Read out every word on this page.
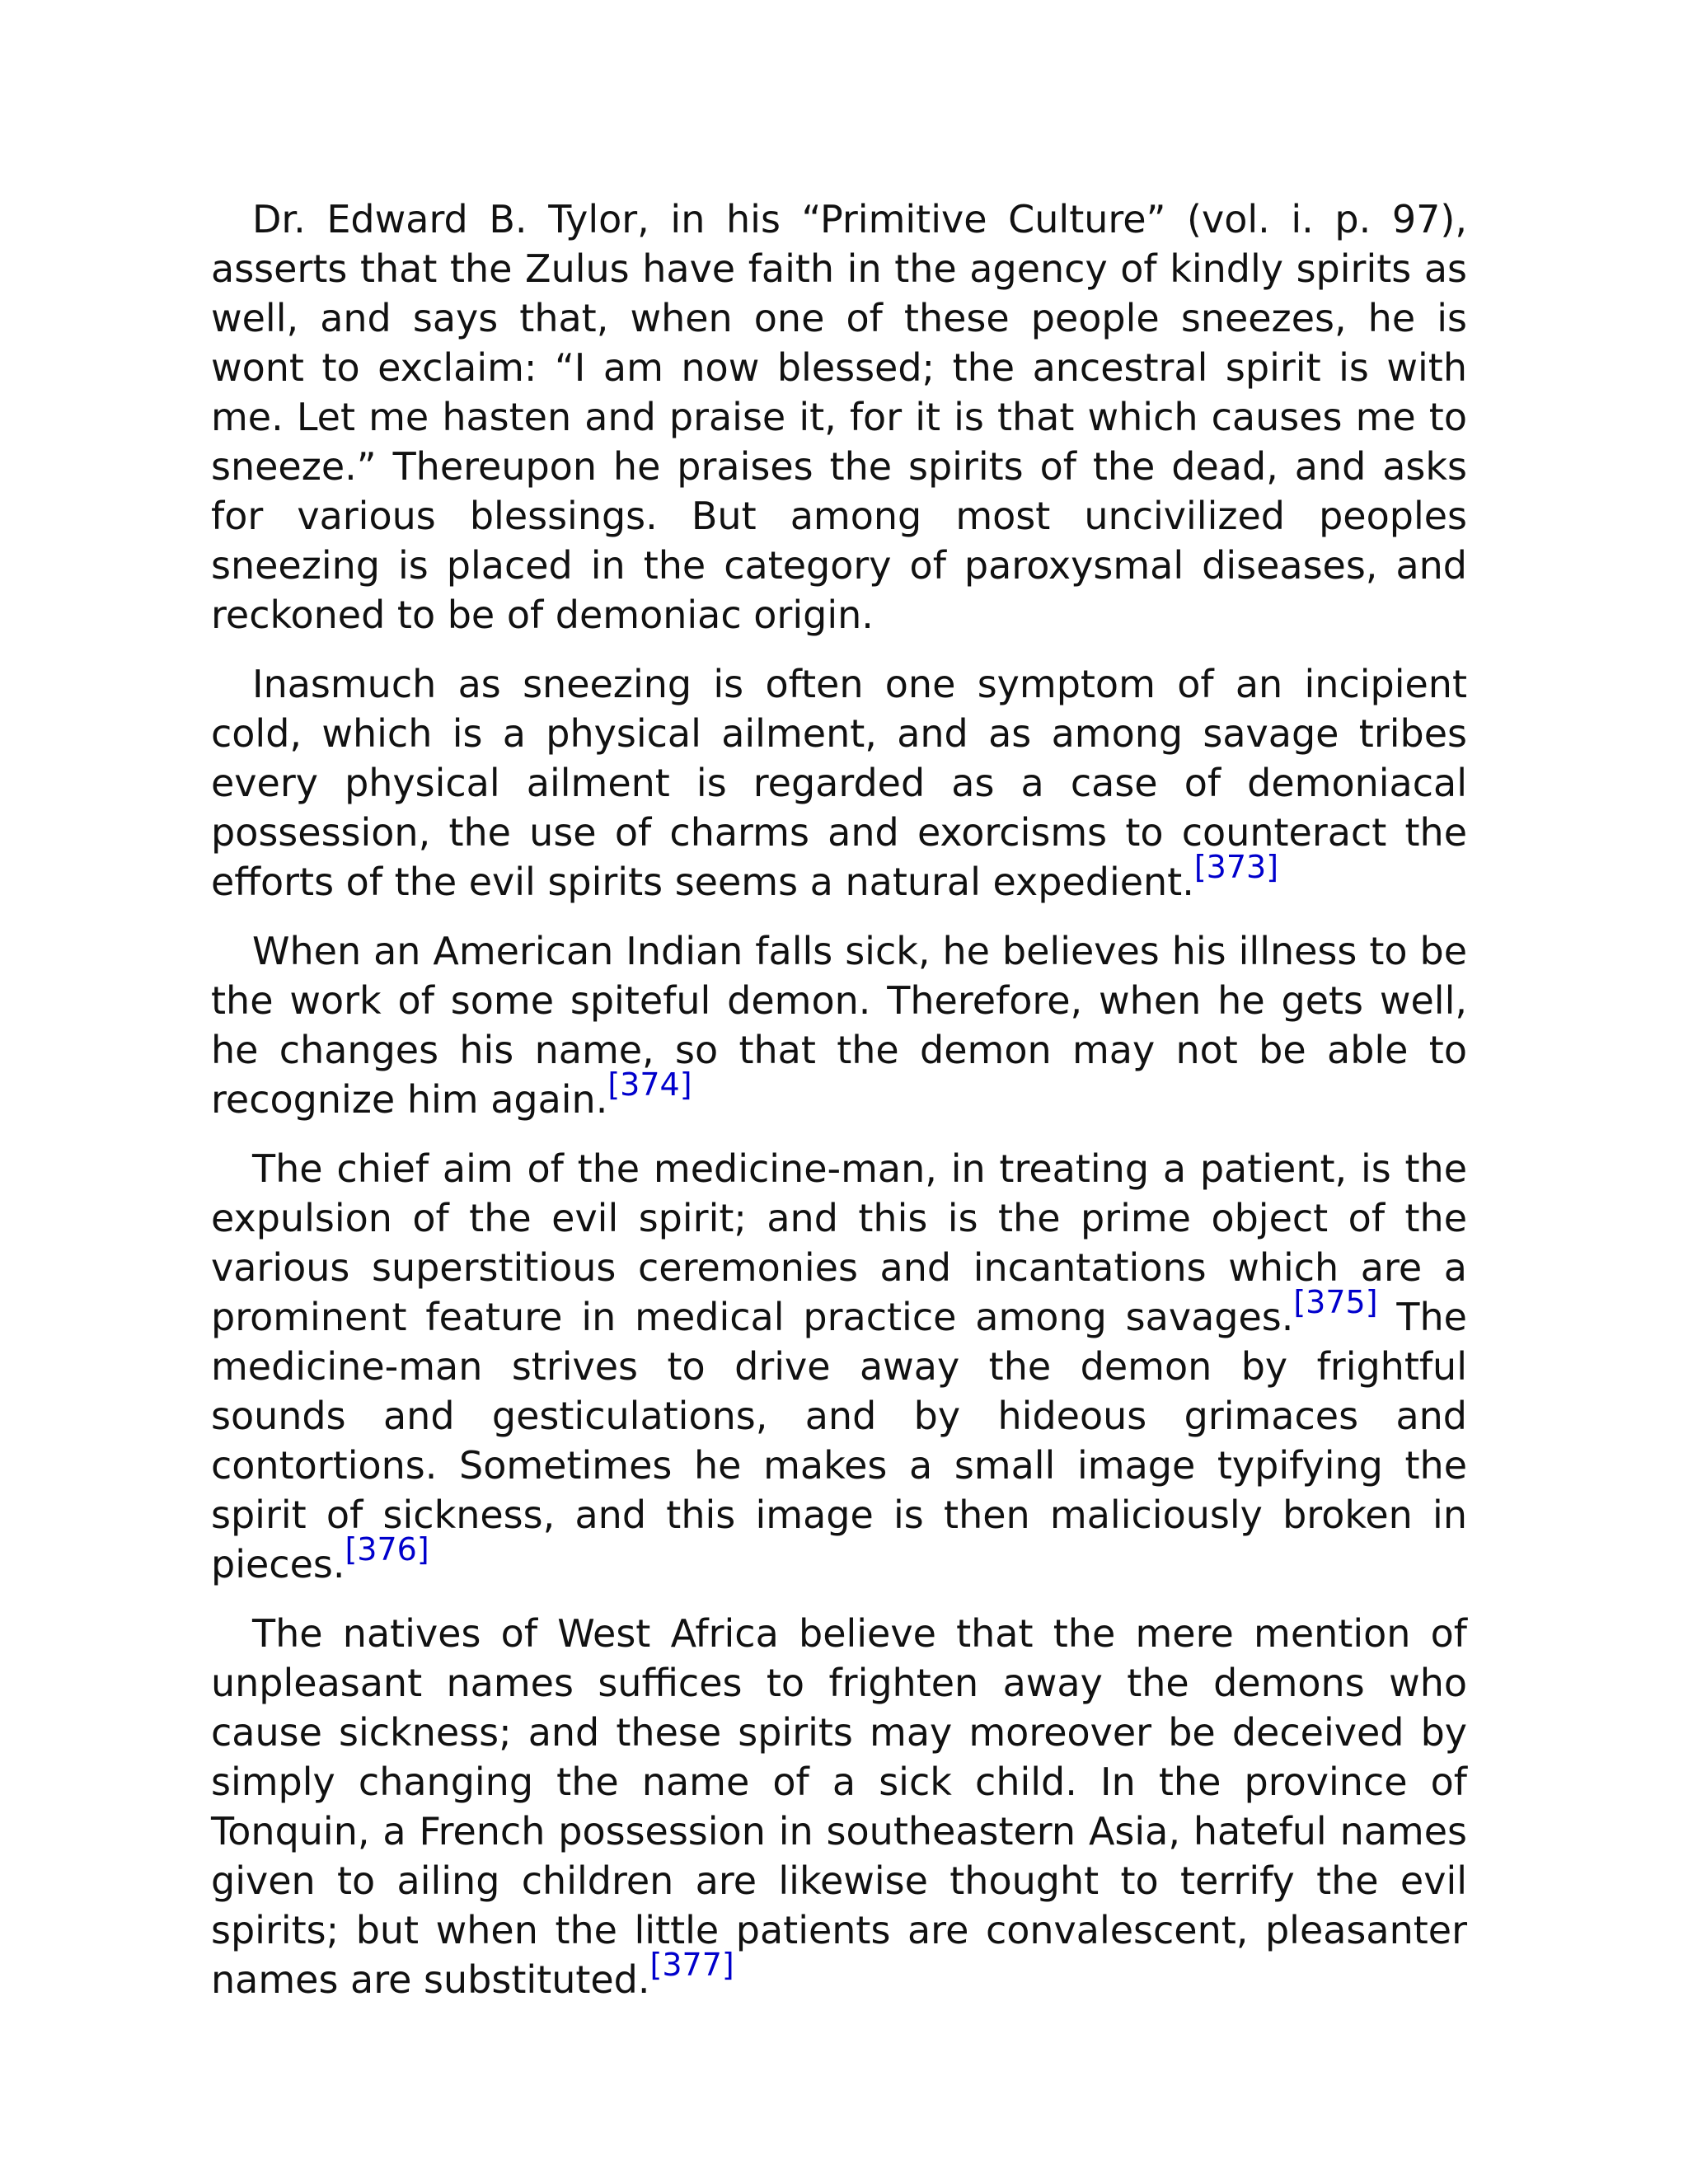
Dr. Edward B. Tylor, in his “Primitive Culture” (vol. i. p. 97), asserts that the Zulus have faith in the agency of kindly spirits as well, and says that, when one of these people sneezes, he is wont to exclaim: “I am now blessed; the ancestral spirit is with me. Let me hasten and praise it, for it is that which causes me to sneeze.” Thereupon he praises the spirits of the dead, and asks for various blessings. But among most uncivilized peoples sneezing is placed in the category of paroxysmal diseases, and reckoned to be of demoniac origin.

Inasmuch as sneezing is often one symptom of an incipient cold, which is a physical ailment, and as among savage tribes every physical ailment is regarded as a case of demoniacal possession, the use of charms and exorcisms to counteract the efforts of the evil spirits seems a natural expedient.[373]

When an American Indian falls sick, he believes his illness to be the work of some spiteful demon. Therefore, when he gets well, he changes his name, so that the demon may not be able to recognize him again.[374]

The chief aim of the medicine-man, in treating a patient, is the expulsion of the evil spirit; and this is the prime object of the various superstitious ceremonies and incantations which are a prominent feature in medical practice among savages.[375] The medicine-man strives to drive away the demon by frightful sounds and gesticulations, and by hideous grimaces and contortions. Sometimes he makes a small image typifying the spirit of sickness, and this image is then maliciously broken in pieces.[376]

The natives of West Africa believe that the mere mention of unpleasant names suffices to frighten away the demons who cause sickness; and these spirits may moreover be deceived by simply changing the name of a sick child. In the province of Tonquin, a French possession in southeastern Asia, hateful names given to ailing children are likewise thought to terrify the evil spirits; but when the little patients are convalescent, pleasanter names are substituted.[377]
